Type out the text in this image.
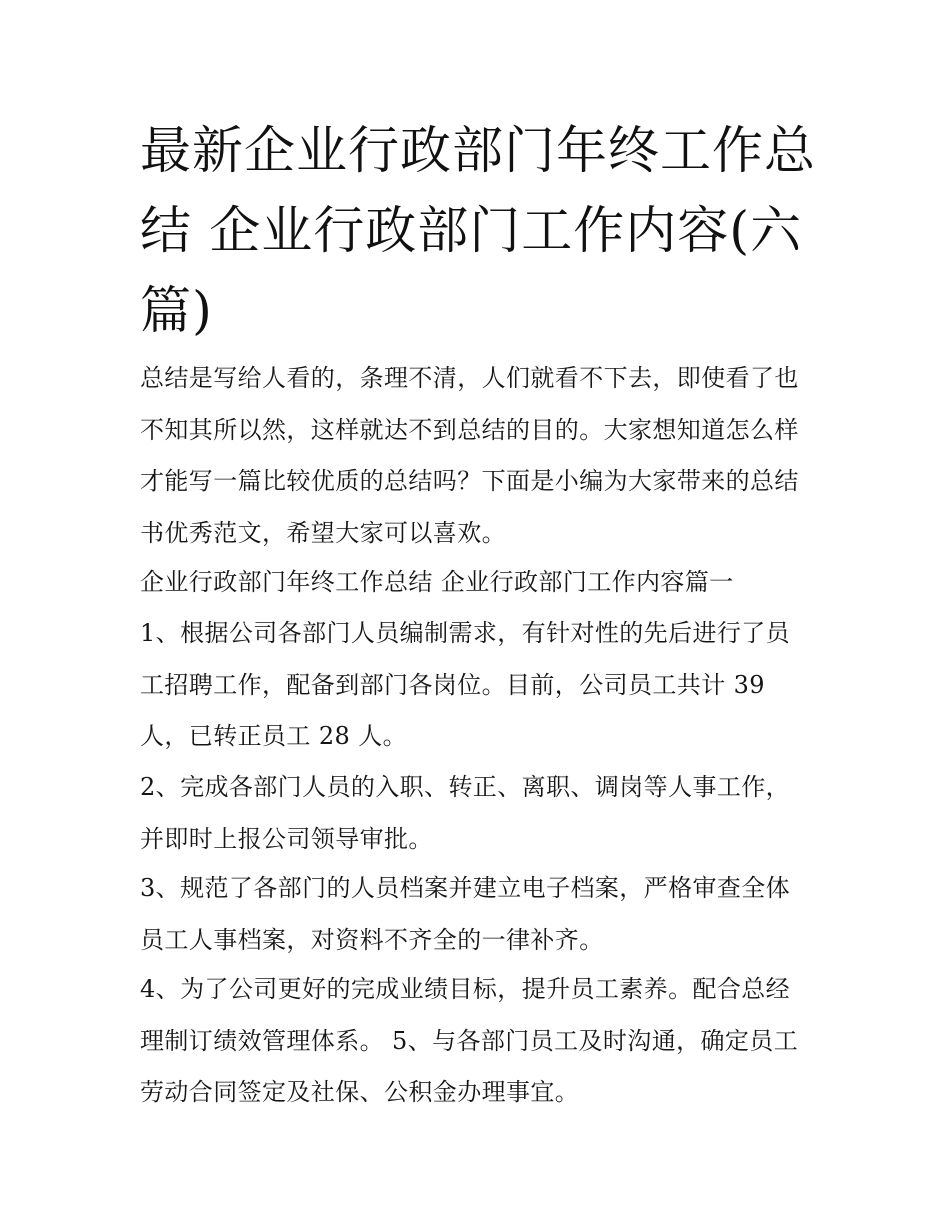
最新企业行政部门年终工作总
结 企业行政部门工作内容(六
篇)
总结是写给人看的，条理不清，人们就看不下去，即使看了也
不知其所以然，这样就达不到总结的目的。大家想知道怎么样
才能写一篇比较优质的总结吗？下面是小编为大家带来的总结
书优秀范文，希望大家可以喜欢。
企业行政部门年终工作总结 企业行政部门工作内容篇一
1、根据公司各部门人员编制需求，有针对性的先后进行了员
工招聘工作，配备到部门各岗位。目前，公司员工共计 39
人，已转正员工 28 人。
2、完成各部门人员的入职、转正、离职、调岗等人事工作，
并即时上报公司领导审批。
3、规范了各部门的人员档案并建立电子档案，严格审查全体
员工人事档案，对资料不齐全的一律补齐。
4、为了公司更好的完成业绩目标，提升员工素养。配合总经
理制订绩效管理体系。 5、与各部门员工及时沟通，确定员工
劳动合同签定及社保、公积金办理事宜。
